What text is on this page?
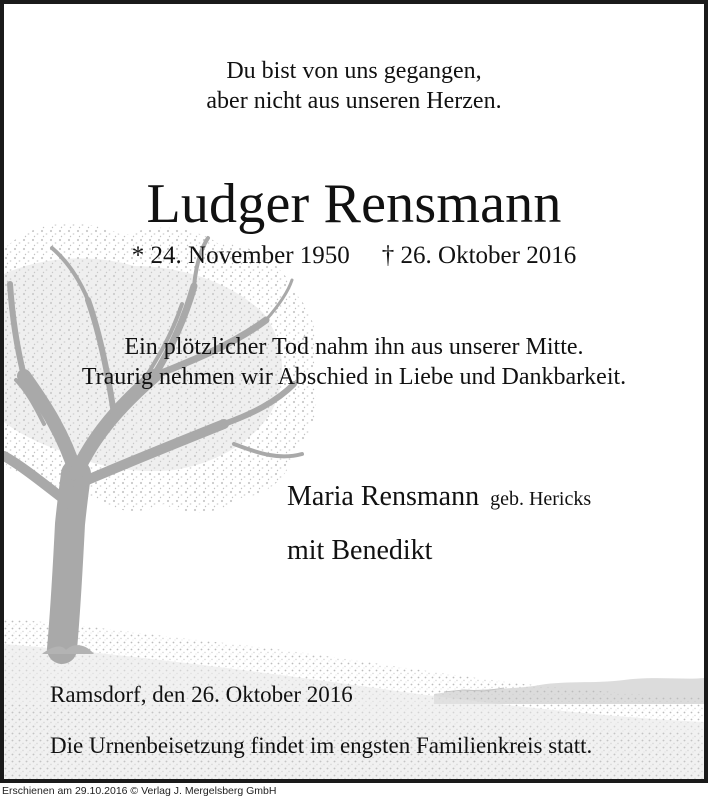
Du bist von uns gegangen,
aber nicht aus unseren Herzen.
Ludger Rensmann
* 24. November 1950 † 26. Oktober 2016
Ein plötzlicher Tod nahm ihn aus unserer Mitte.
Traurig nehmen wir Abschied in Liebe und Dankbarkeit.
Maria Rensmann geb. Hericks
mit Benedikt
Ramsdorf, den 26. Oktober 2016
Die Urnenbeisetzung findet im engsten Familienkreis statt.
Erschienen am 29.10.2016 © Verlag J. Mergelsberg GmbH
